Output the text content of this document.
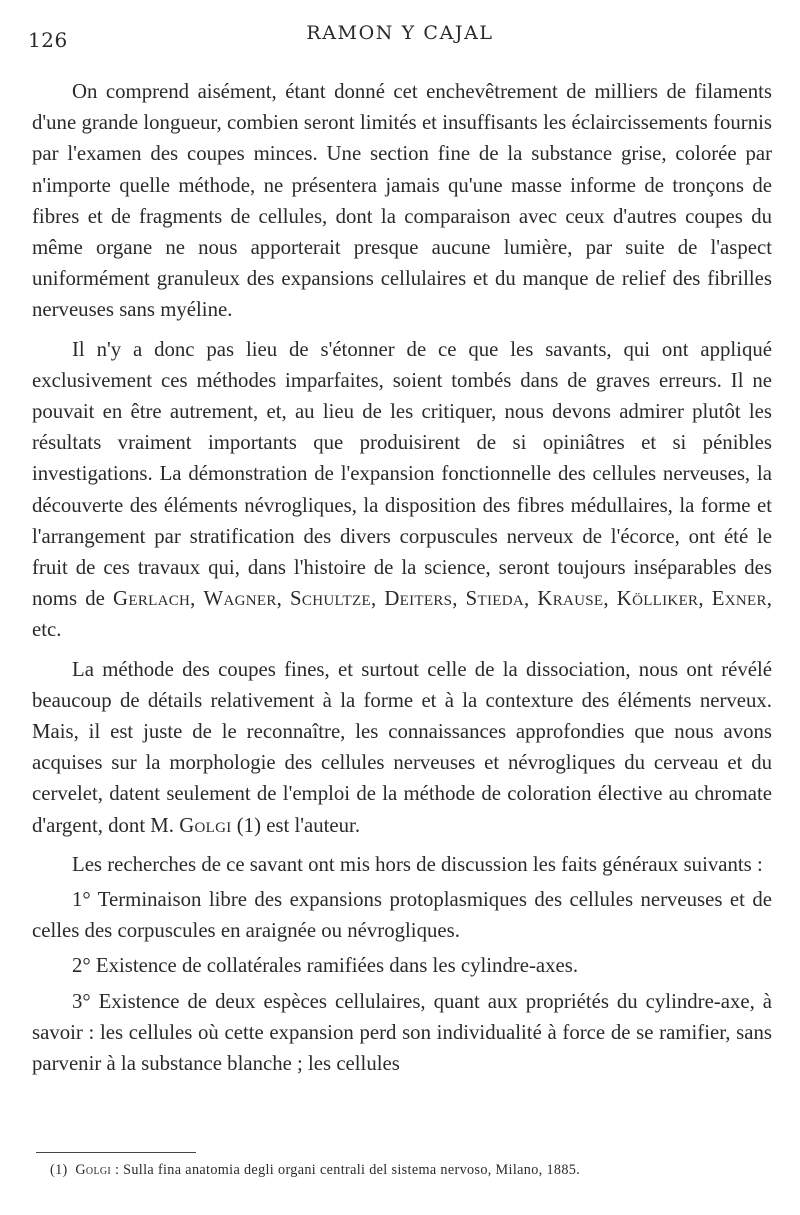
126	RAMON Y CAJAL

On comprend aisément, étant donné cet enchevêtrement de milliers de filaments d'une grande longueur, combien seront limités et insuffisants les éclaircissements fournis par l'examen des coupes minces. Une section fine de la substance grise, colorée par n'importe quelle méthode, ne présentera jamais qu'une masse informe de tronçons de fibres et de fragments de cellules, dont la comparaison avec ceux d'autres coupes du même organe ne nous apporterait presque aucune lumière, par suite de l'aspect uniformément granuleux des expansions cellulaires et du manque de relief des fibrilles nerveuses sans myéline.

Il n'y a donc pas lieu de s'étonner de ce que les savants, qui ont appliqué exclusivement ces méthodes imparfaites, soient tombés dans de graves erreurs. Il ne pouvait en être autrement, et, au lieu de les critiquer, nous devons admirer plutôt les résultats vraiment importants que produisirent de si opiniâtres et si pénibles investigations. La démonstration de l'expansion fonctionnelle des cellules nerveuses, la découverte des éléments névrogliques, la disposition des fibres médullaires, la forme et l'arrangement par stratification des divers corpuscules nerveux de l'écorce, ont été le fruit de ces travaux qui, dans l'histoire de la science, seront toujours inséparables des noms de Gerlach, Wagner, Schultze, Deiters, Stieda, Krause, Kölliker, Exner, etc.

La méthode des coupes fines, et surtout celle de la dissociation, nous ont révélé beaucoup de détails relativement à la forme et à la contexture des éléments nerveux. Mais, il est juste de le reconnaître, les connaissances approfondies que nous avons acquises sur la morphologie des cellules nerveuses et névrogliques du cerveau et du cervelet, datent seulement de l'emploi de la méthode de coloration élective au chromate d'argent, dont M. Golgi (1) est l'auteur.

Les recherches de ce savant ont mis hors de discussion les faits généraux suivants :

1° Terminaison libre des expansions protoplasmiques des cellules nerveuses et de celles des corpuscules en araignée ou névrogliques.

2° Existence de collatérales ramifiées dans les cylindre-axes.

3° Existence de deux espèces cellulaires, quant aux propriétés du cylindre-axe, à savoir : les cellules où cette expansion perd son individualité à force de se ramifier, sans parvenir à la substance blanche ; les cellules

(1) Golgi : Sulla fina anatomia degli organi centrali del sistema nervoso, Milano, 1885.
